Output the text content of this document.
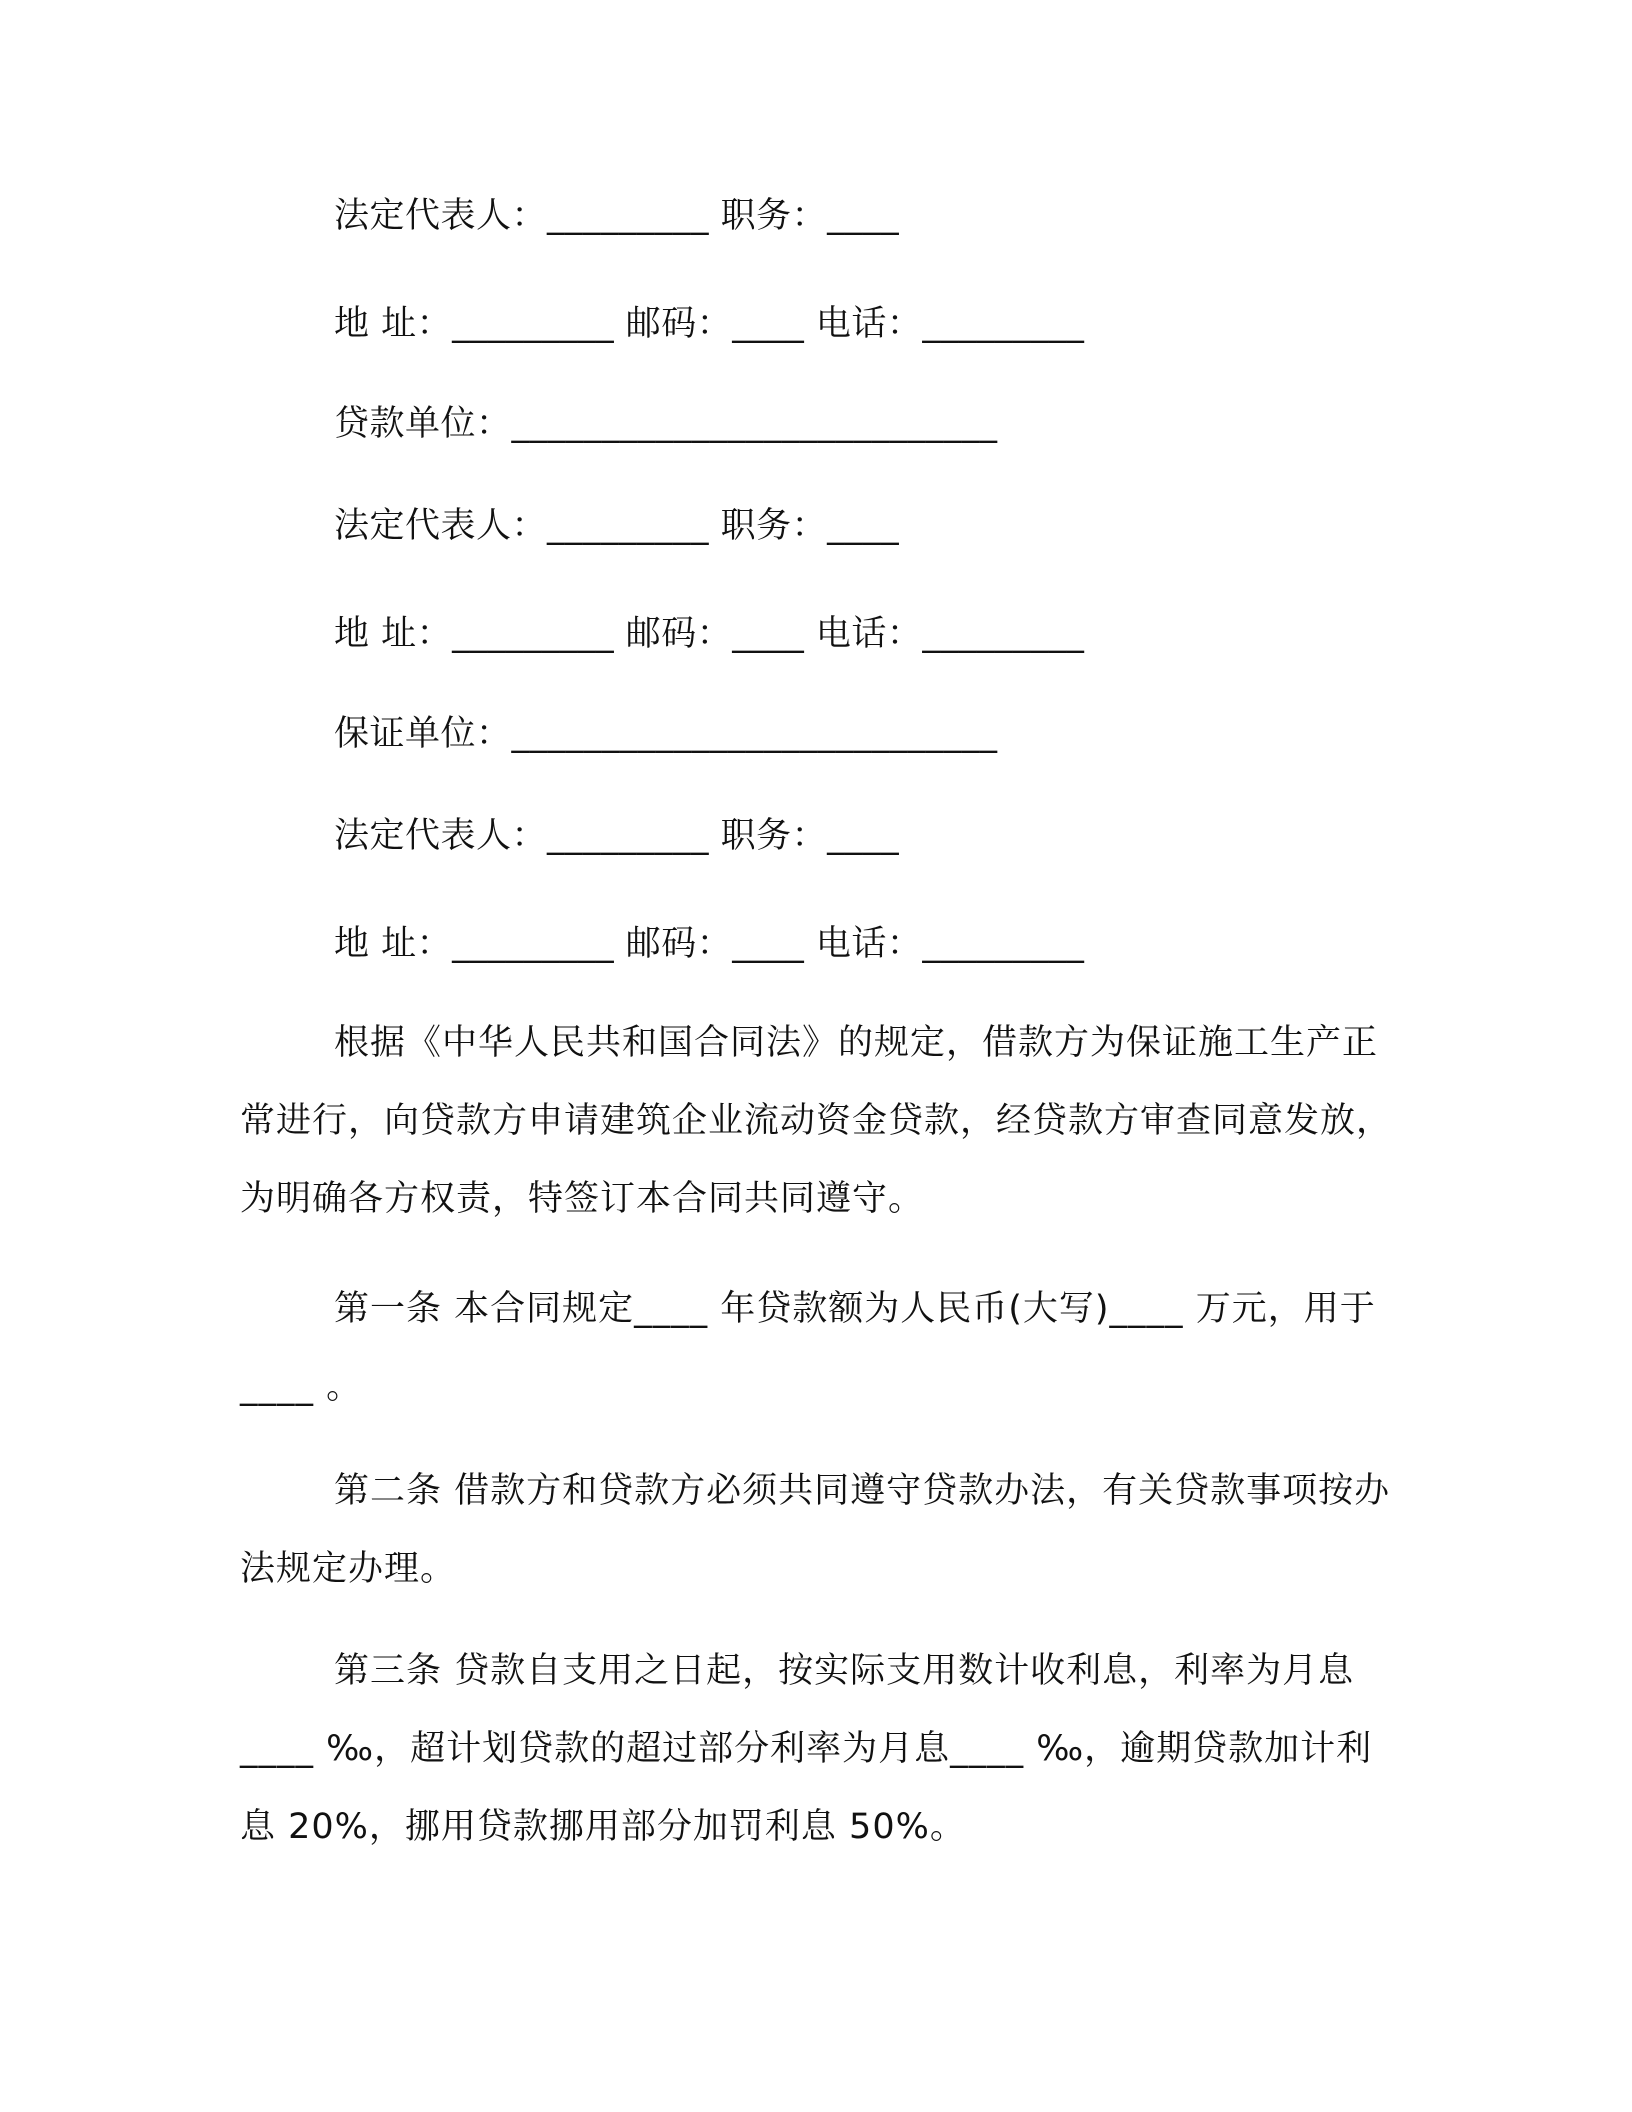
法定代表人：_________ 职务：____
地 址：_________ 邮码：____ 电话：_________
贷款单位：___________________________
法定代表人：_________ 职务：____
地 址：_________ 邮码：____ 电话：_________
保证单位：___________________________
法定代表人：_________ 职务：____
地 址：_________ 邮码：____ 电话：_________
根据《中华人民共和国合同法》的规定，借款方为保证施工生产正常进行，向贷款方申请建筑企业流动资金贷款，经贷款方审查同意发放，为明确各方权责，特签订本合同共同遵守。
第一条 本合同规定____ 年贷款额为人民币(大写)____ 万元，用于____ 。
第二条 借款方和贷款方必须共同遵守贷款办法，有关贷款事项按办法规定办理。
第三条 贷款自支用之日起，按实际支用数计收利息，利率为月息____ ‰，超计划贷款的超过部分利率为月息____ ‰，逾期贷款加计利息 20%，挪用贷款挪用部分加罚利息 50%。
